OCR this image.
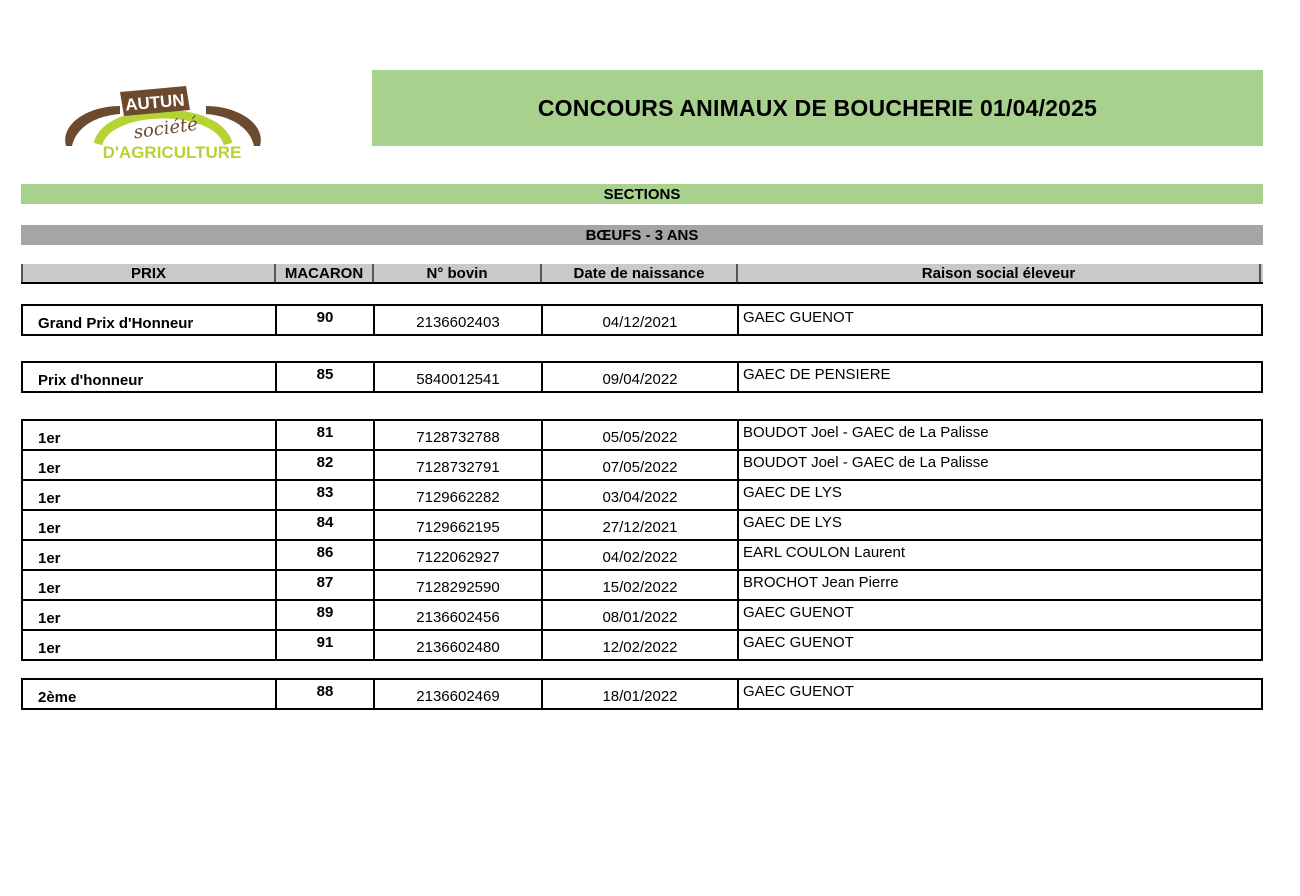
AUTUN
société
D'AGRICULTURE
CONCOURS ANIMAUX DE BOUCHERIE 01/04/2025
SECTIONS
BŒUFS - 3 ANS
PRIX	MACARON	N° bovin	Date de naissance	Raison social éleveur
Grand Prix d'Honneur	90	2136602403	04/12/2021	GAEC GUENOT
Prix d'honneur	85	5840012541	09/04/2022	GAEC DE PENSIERE
1er	81	7128732788	05/05/2022	BOUDOT Joel - GAEC de La Palisse
1er	82	7128732791	07/05/2022	BOUDOT Joel - GAEC de La Palisse
1er	83	7129662282	03/04/2022	GAEC DE LYS
1er	84	7129662195	27/12/2021	GAEC DE LYS
1er	86	7122062927	04/02/2022	EARL COULON Laurent
1er	87	7128292590	15/02/2022	BROCHOT Jean Pierre
1er	89	2136602456	08/01/2022	GAEC GUENOT
1er	91	2136602480	12/02/2022	GAEC GUENOT
2ème	88	2136602469	18/01/2022	GAEC GUENOT
